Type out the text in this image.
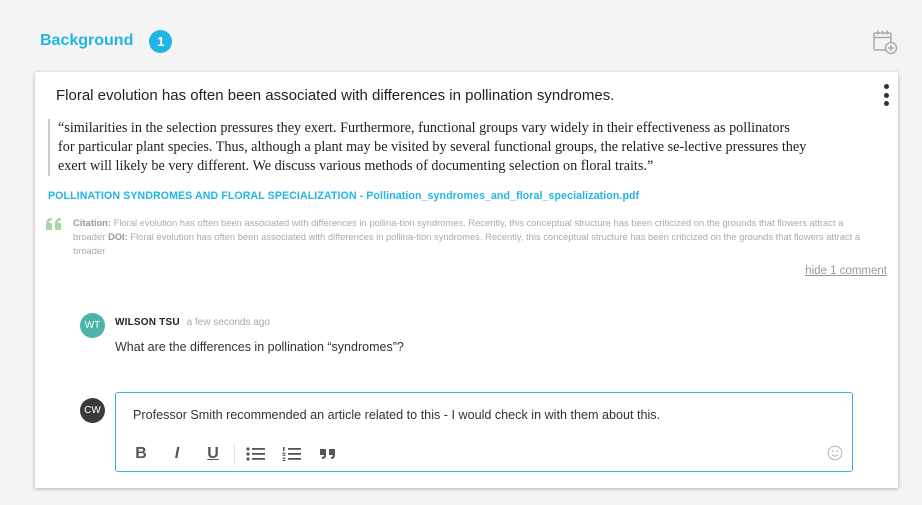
Background	1
Floral evolution has often been associated with differences in pollination syndromes.
“similarities in the selection pressures they exert. Furthermore, functional groups vary widely in their effectiveness as pollinators for particular plant species. Thus, although a plant may be visited by several functional groups, the relative se-lective pressures they exert will likely be very different. We discuss various methods of documenting selection on floral traits.”
POLLINATION SYNDROMES AND FLORAL SPECIALIZATION - Pollination_syndromes_and_floral_specialization.pdf
Citation: Floral evolution has often been associated with differences in pollina-tion syndromes. Recently, this conceptual structure has been criticized on the grounds that flowers attract a broader DOI: Floral evolution has often been associated with differences in pollina-tion syndromes. Recently, this conceptual structure has been criticized on the grounds that flowers attract a broader
hide 1 comment
WT	WILSON TSU a few seconds ago
What are the differences in pollination “syndromes”?
CW	Professor Smith recommended an article related to this - I would check in with them about this.
B	I	U
